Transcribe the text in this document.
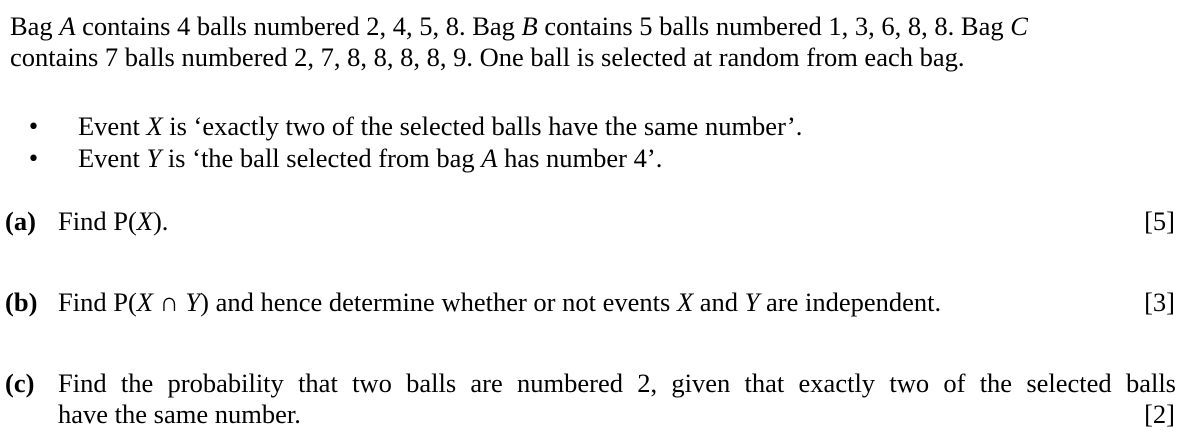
Bag A contains 4 balls numbered 2, 4, 5, 8. Bag B contains 5 balls numbered 1, 3, 6, 8, 8. Bag C
contains 7 balls numbered 2, 7, 8, 8, 8, 8, 9. One ball is selected at random from each bag.
• Event X is ‘exactly two of the selected balls have the same number’.
• Event Y is ‘the ball selected from bag A has number 4’.
(a) Find P(X).	[5]
(b) Find P(X ∩ Y) and hence determine whether or not events X and Y are independent.	[3]
(c) Find the probability that two balls are numbered 2, given that exactly two of the selected balls
have the same number.	[2]
